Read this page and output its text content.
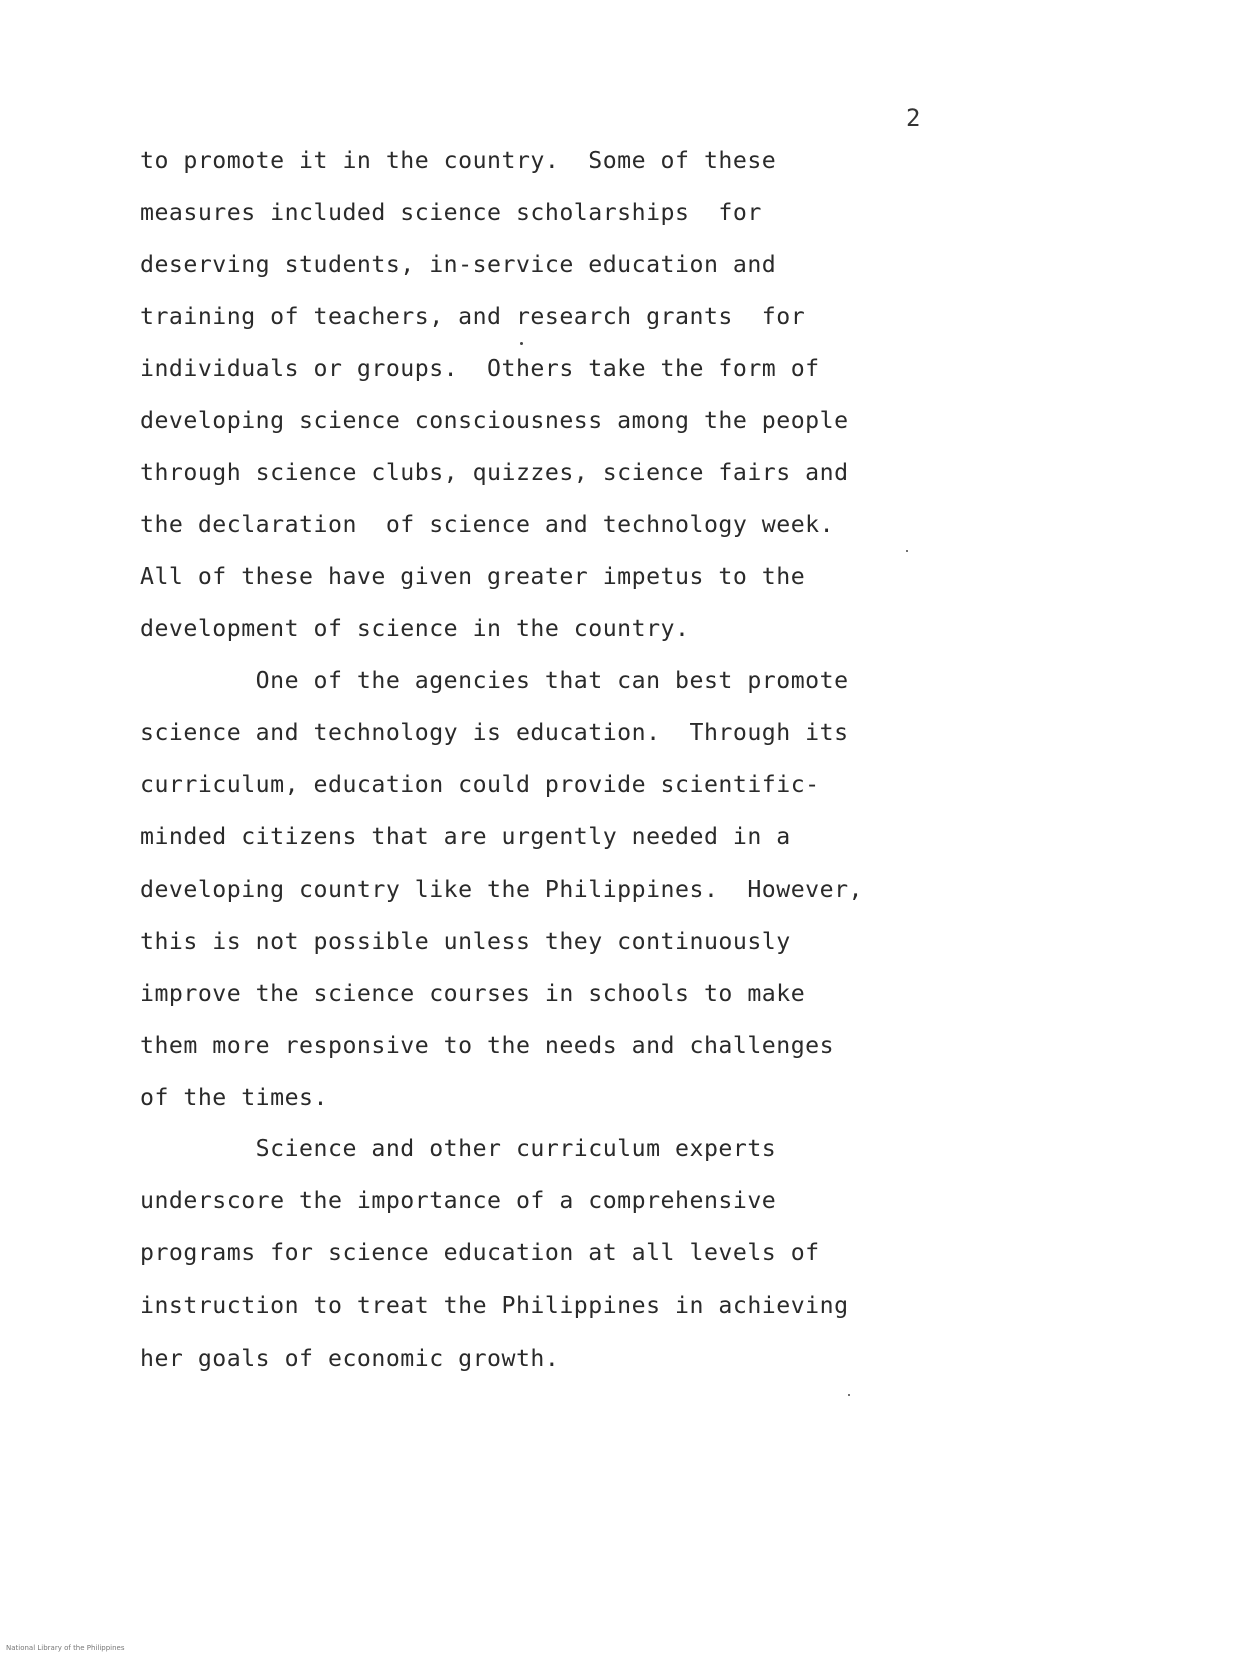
2
to promote it in the country.  Some of these
measures included science scholarships  for
deserving students, in-service education and
training of teachers, and research grants  for
individuals or groups.  Others take the form of
developing science consciousness among the people
through science clubs, quizzes, science fairs and
the declaration  of science and technology week.
All of these have given greater impetus to the
development of science in the country.
One of the agencies that can best promote
science and technology is education.  Through its
curriculum, education could provide scientific-
minded citizens that are urgently needed in a
developing country like the Philippines.  However,
this is not possible unless they continuously
improve the science courses in schools to make
them more responsive to the needs and challenges
of the times.
Science and other curriculum experts
underscore the importance of a comprehensive
programs for science education at all levels of
instruction to treat the Philippines in achieving
her goals of economic growth.
National Library of the Philippines
